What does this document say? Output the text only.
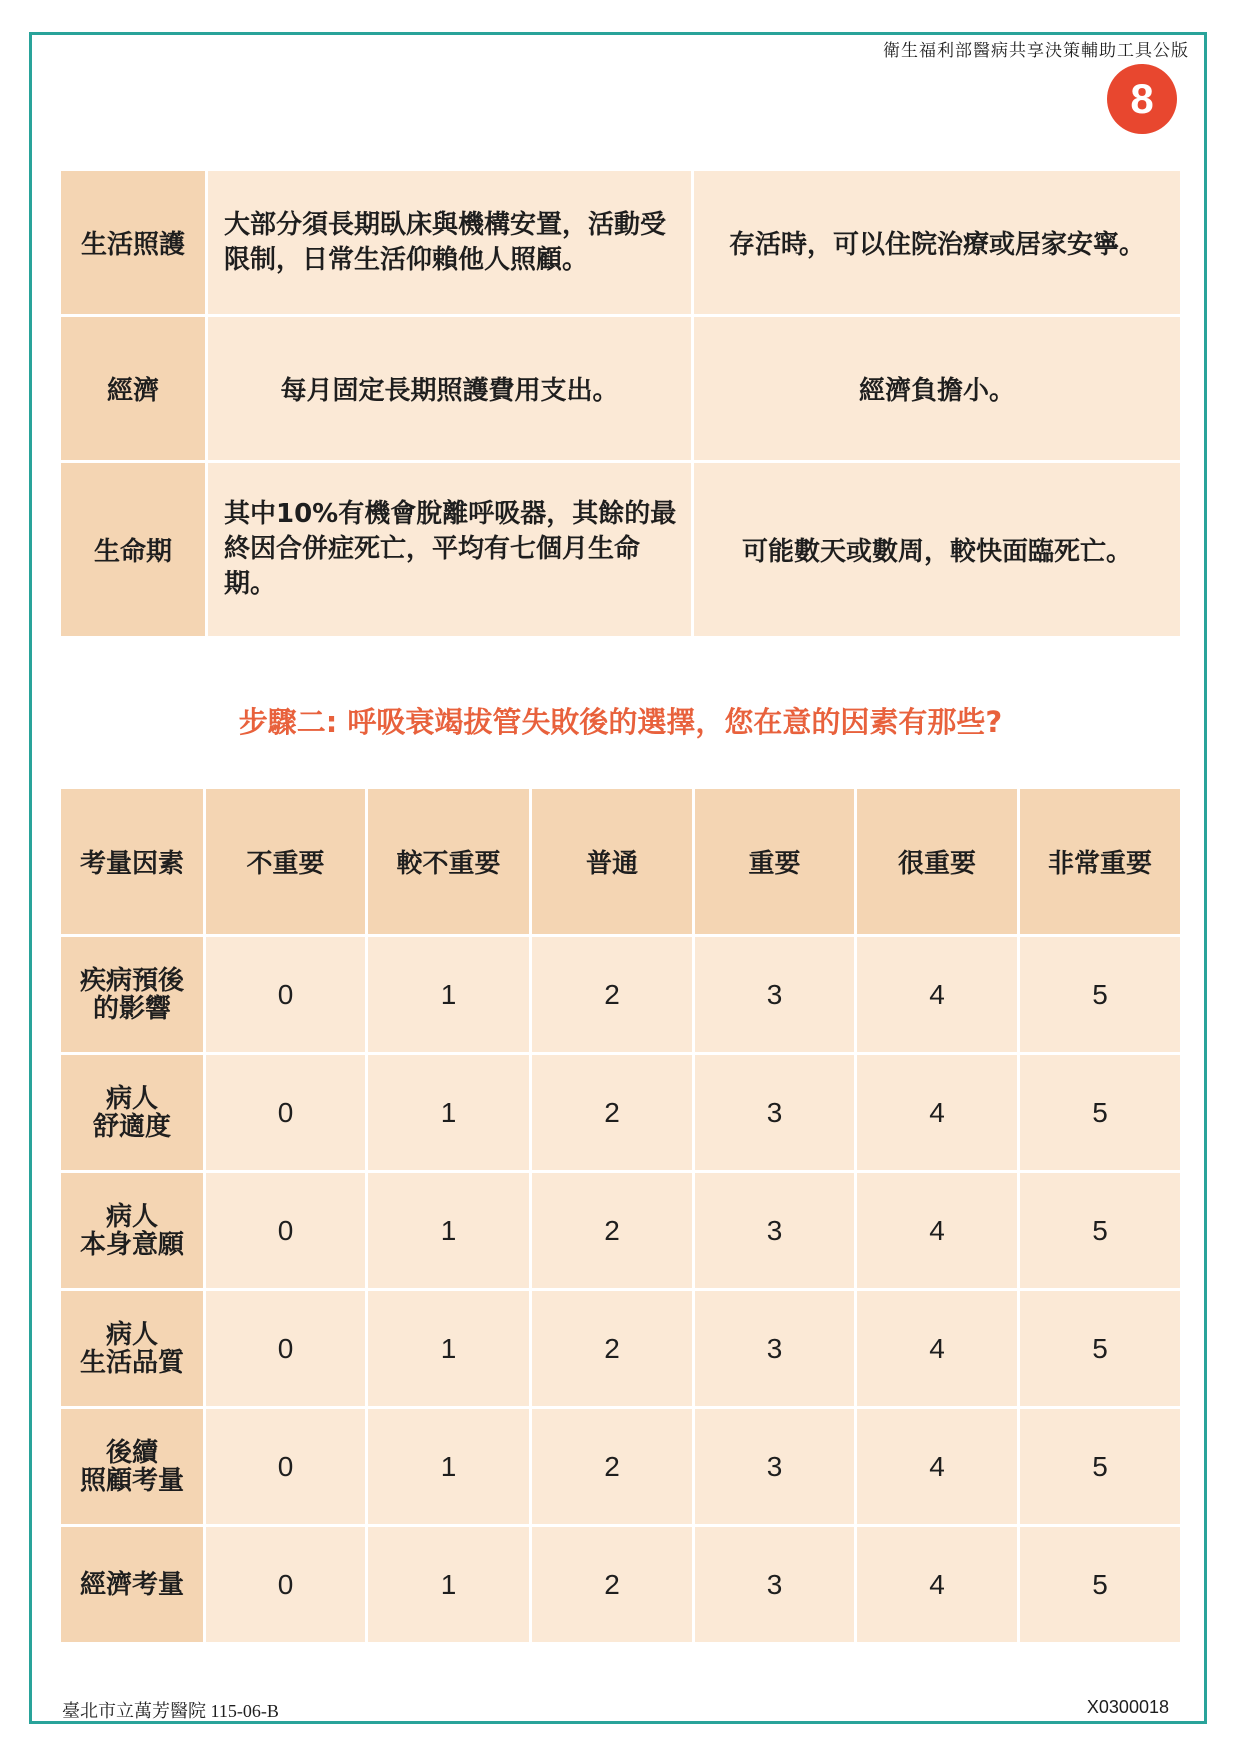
衛生福利部醫病共享決策輔助工具公版
8
生活照護	大部分須長期臥床與機構安置，活動受限制，日常生活仰賴他人照顧。	存活時，可以住院治療或居家安寧。
經濟	每月固定長期照護費用支出。	經濟負擔小。
生命期	其中10%有機會脫離呼吸器，其餘的最終因合併症死亡，平均有七個月生命期。	可能數天或數周，較快面臨死亡。
步驟二: 呼吸衰竭拔管失敗後的選擇，您在意的因素有那些?
考量因素	不重要	較不重要	普通	重要	很重要	非常重要

疾病預後
的影響	0	1	2	3	4	5

病人
舒適度	0	1	2	3	4	5

病人
本身意願	0	1	2	3	4	5

病人
生活品質	0	1	2	3	4	5

後續
照顧考量	0	1	2	3	4	5

經濟考量	0	1	2	3	4	5
臺北市立萬芳醫院 115-06-B	X0300018
